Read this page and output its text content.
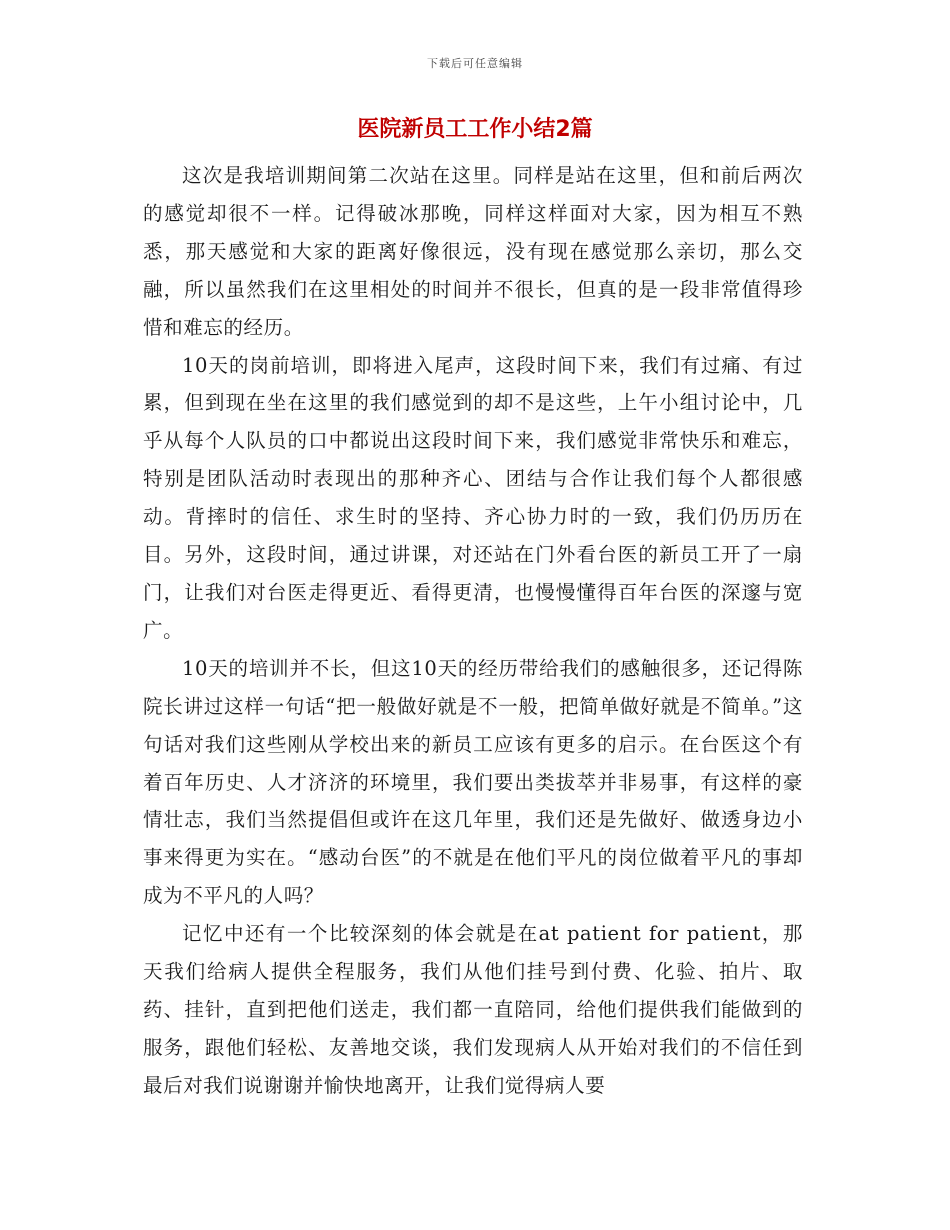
下载后可任意编辑
医院新员工工作小结2篇

这次是我培训期间第二次站在这里。同样是站在这里，但和前后两次的感觉却很不一样。记得破冰那晚，同样这样面对大家，因为相互不熟悉，那天感觉和大家的距离好像很远，没有现在感觉那么亲切，那么交融，所以虽然我们在这里相处的时间并不很长，但真的是一段非常值得珍惜和难忘的经历。

10天的岗前培训，即将进入尾声，这段时间下来，我们有过痛、有过累，但到现在坐在这里的我们感觉到的却不是这些，上午小组讨论中，几乎从每个人队员的口中都说出这段时间下来，我们感觉非常快乐和难忘，特别是团队活动时表现出的那种齐心、团结与合作让我们每个人都很感动。背摔时的信任、求生时的坚持、齐心协力时的一致，我们仍历历在目。另外，这段时间，通过讲课，对还站在门外看台医的新员工开了一扇门，让我们对台医走得更近、看得更清，也慢慢懂得百年台医的深邃与宽广。

10天的培训并不长，但这10天的经历带给我们的感触很多，还记得陈院长讲过这样一句话“把一般做好就是不一般，把简单做好就是不简单。”这句话对我们这些刚从学校出来的新员工应该有更多的启示。在台医这个有着百年历史、人才济济的环境里，我们要出类拔萃并非易事，有这样的豪情壮志，我们当然提倡但或许在这几年里，我们还是先做好、做透身边小事来得更为实在。“感动台医”的不就是在他们平凡的岗位做着平凡的事却成为不平凡的人吗？

记忆中还有一个比较深刻的体会就是在at patient for patient，那天我们给病人提供全程服务，我们从他们挂号到付费、化验、拍片、取药、挂针，直到把他们送走，我们都一直陪同，给他们提供我们能做到的服务，跟他们轻松、友善地交谈，我们发现病人从开始对我们的不信任到最后对我们说谢谢并愉快地离开，让我们觉得病人要
